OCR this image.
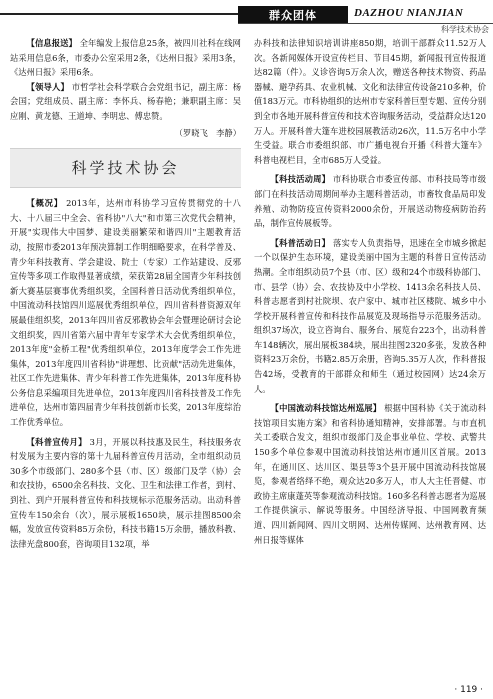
群众团体	DAZHOU NIANJIAN
科学技术协会

【信息报送】 全年编发上报信息25条，被四川社科在线网站采用信息6条，市委办公室采用2条，《达州日报》采用3条，《达州日报》采用6条。

【领导人】 市哲学社会科学联合会党组书记，副主席：杨会国；党组成员、副主席：李怀兵、杨春艳；兼职副主席：吴应刚、黄龙德、王道坤、李明忠、傅忠赞。

（罗晓飞　李静）

科学技术协会

【概况】 2013年，达州市科协学习宣传贯彻党的十八大、十八届三中全会、省科协"八大"和市第三次党代会精神，开展"实现伟大中国梦、建设美丽繁荣和谐四川"主题教育活动，按照市委2013年预决算制工作明细略要求，在科学普及、青少年科技教育、学会建设、院士（专家）工作站建设、反邪宣传等多项工作取得显著成绩，荣获第28届全国青少年科技创新大赛基层赛事优秀组织奖，全国科普日活动优秀组织单位，中国流动科技馆四川巡展优秀组织单位，四川省科普资源双年展最佳组织奖，2013年四川省反邪教协会年会暨理论研讨会论文组织奖，四川省第六届中青年专家学术大会优秀组织单位，2013年度"金桥工程"优秀组织单位，2013年度学会工作先进集体，2013年度四川省科协"讲理想、比贡献"活动先进集体，社区工作先进集体、青少年科普工作先进集体，2013年度科协公务信息采编项目先进单位，2013年度四川省科技普及工作先进单位，达州市第四届青少年科技创新市长奖，2013年度综治工作优秀单位。

【科普宣传月】 3月，开展以科技惠及民生，科技服务农村发展为主要内容的第十九届科普宣传月活动，全市组织动员30多个市级部门、280多个县（市、区）级部门及学（协）会和农技协，6500余名科技、文化、卫生和法律工作者，到村、到社、到户开展科普宣传和科技规标示范服务活动。出动科普宣传车150余台（次），展示展板1650块，展示挂图8500余幅，发放宣传资料85万余份，科技书籍15万余册，播放科教、法律光盘800套，咨询项目132项，举

办科技和法律知识培训讲座850期，培训干部群众11.52万人次。各新闻媒体开设宣传栏目、节目45期，新闻报刊宣传报道达82篇（件）。义诊咨询5万余人次，赠送各种技术物资、药品器械、避孕药具、农业机械、文化和法律宣传设备210多种，价值183万元。市科协组织的达州市专家科普巨型专题、宣传分别到全市各地开展科普宣传和技术咨询服务活动，受益群众达120万人。开展科普大篷车进校园展教活动26次，11.5万名中小学生受益。联合市委组织部、市广播电视台开播《科普大篷车》科普电视栏目，全市685万人受益。

【科技活动周】 市科协联合市委宣传部、市科技局等市级部门在科技活动周期间举办主题科普活动，市畜牧食品局印发养殖、动物防疫宣传资料2000余份，开展送动物疫病防治药品，制作宣传展板等。

【科普活动日】 落实专人负责指导，迅速在全市城乡掀起一个以保护生态环境，建设美丽中国为主题的科普日宣传活动热潮。全市组织动员7个县（市、区）级和24个市级科协部门、市、县学（协）会、农技协及中小学校、1413余名科技人员、科普志愿者到村社院坝、农户家中、城市社区楼院、城乡中小学校开展科普宣传和科技作品展览及现场指导示范服务活动。组织37场次，设立咨询台、服务台、展览台223个，出动科普车148辆次，展出展板384块，展出挂图2320多张，发放各种资料23万余份，书籍2.85万余册，咨询5.35万人次，作科普报告42场，受教育的干部群众和师生（通过校园网）达24余万人。

【中国流动科技馆达州巡展】 根据中国科协《关于流动科技馆项目实施方案》和省科协通知精神，安排部署。与市直机关工委联合发文，组织市级部门及企事业单位、学校、武警共150多个单位参观中国流动科技馆达州市通川区首展。2013年，在通川区、达川区、渠县等3个县开展中国流动科技馆展览，参观者络绎不绝，观众达20多万人，市人大主任晋健、市政协主席康蓬英等参观流动科技馆。160多名科普志愿者为巡展工作提供演示、解说等服务。中国经济导报、中国网教育频道、四川新闻网、四川文明网、达州传媒网、达州教育网、达州日报等媒体

· 119 ·
